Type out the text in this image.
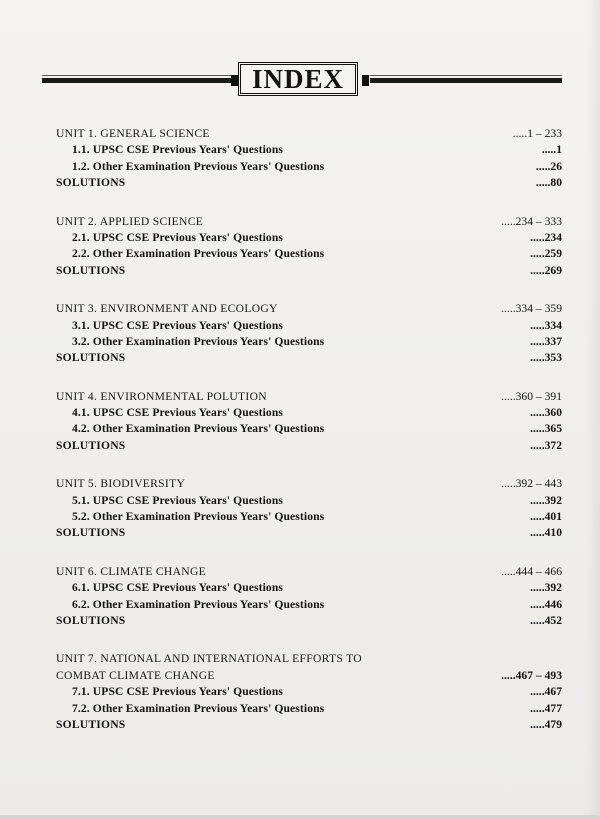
INDEX
UNIT 1. GENERAL SCIENCE	.....1 – 233
1.1. UPSC CSE Previous Years' Questions	.....1
1.2. Other Examination Previous Years' Questions	.....26
SOLUTIONS	.....80
UNIT 2. APPLIED SCIENCE	.....234 – 333
2.1. UPSC CSE Previous Years' Questions	.....234
2.2. Other Examination Previous Years' Questions	.....259
SOLUTIONS	.....269
UNIT 3. ENVIRONMENT AND ECOLOGY	.....334 – 359
3.1. UPSC CSE Previous Years' Questions	.....334
3.2. Other Examination Previous Years' Questions	.....337
SOLUTIONS	.....353
UNIT 4. ENVIRONMENTAL POLUTION	.....360 – 391
4.1. UPSC CSE Previous Years' Questions	.....360
4.2. Other Examination Previous Years' Questions	.....365
SOLUTIONS	.....372
UNIT 5. BIODIVERSITY	.....392 – 443
5.1. UPSC CSE Previous Years' Questions	.....392
5.2. Other Examination Previous Years' Questions	.....401
SOLUTIONS	.....410
UNIT 6. CLIMATE CHANGE	.....444 – 466
6.1. UPSC CSE Previous Years' Questions	.....392
6.2. Other Examination Previous Years' Questions	.....446
SOLUTIONS	.....452
UNIT 7. NATIONAL AND INTERNATIONAL EFFORTS TO
COMBAT CLIMATE CHANGE	.....467 – 493
7.1. UPSC CSE Previous Years' Questions	.....467
7.2. Other Examination Previous Years' Questions	.....477
SOLUTIONS	.....479
